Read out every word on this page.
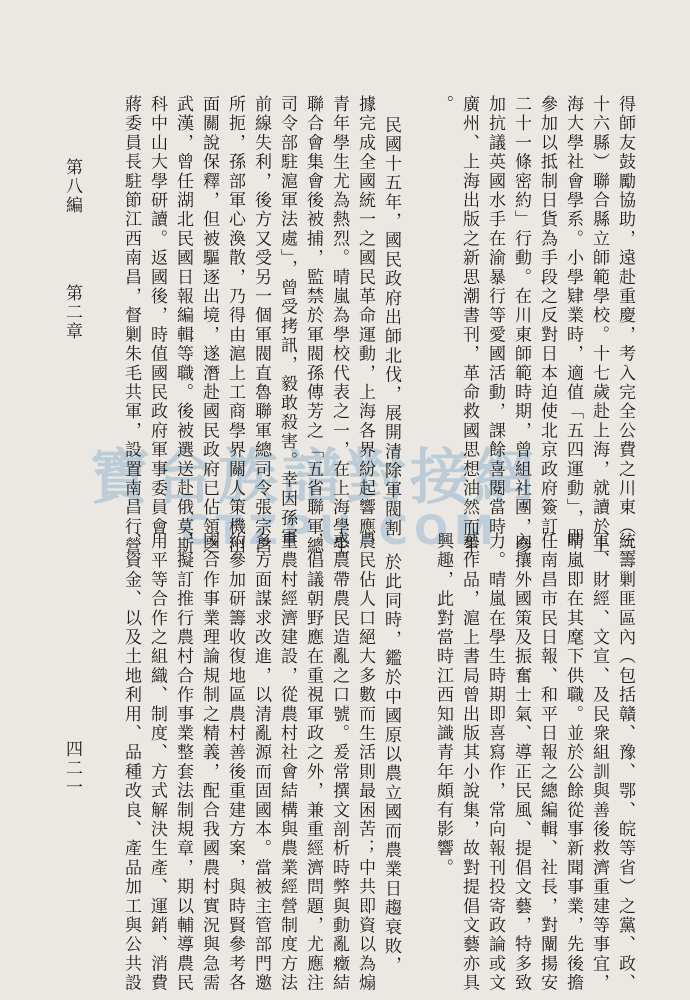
寶台族譜對接網
CTZPU.COM	得師友鼓勵協助，遠赴重慶，考入完全公費之川東（三
十六縣）聯合縣立師範學校。十七歲赴上海，就讀於上
海大學社會學系。小學肄業時，適值「五四運動」，即
參加以抵制日貨為手段之反對日本迫使北京政府簽訂
二十一條密約」行動。在川東師範時期，曾組社團，參
加抗議英國水手在渝暴行等愛國活動，課餘喜閱當時
廣州、上海出版之新思潮書刊，革命救國思想油然而生
。
民國十五年，國民政府出師北伐，展開清除軍閥割
據完成全國統一之國民革命運動，上海各界紛起響應，
青年學生尤為熱烈。晴嵐為學校代表之一，在上海學生
聯合會集會後被捕，監禁於軍閥孫傳芳之「五省聯軍總
司令部駐滬軍法處」，曾受拷訊，毅敢殺害。幸因孫軍
前線失利，後方又受另一個軍閥直魯聯軍總司令張宗昌
所扼，孫部軍心渙散，乃得由滬上工商學界關人策機出
面關說保釋，但被驅逐出境，遂潛赴國民政府已佔領之
武漢，曾任湖北民國日報編輯等職。後被選送赴俄莫斯
科中山大學研讀。返國後，時值國民政府軍事委員會
蔣委員長駐節江西南昌，督剿朱毛共軍，設置南昌行營
統籌剿匪區內（包括贛、豫、鄂、皖等省）之黨、政、
軍、財經、文宣、及民衆組訓與善後救濟重建等事宜，
晴嵐即在其麾下供職。並於公餘從事新聞事業，先後擔
任南昌市民日報、和平日報之總編輯、社長，對闡揚安
內攘外國策及振奮士氣、導正民風、提倡文藝，特多致
力。晴嵐在學生時期即喜寫作，常向報刊投寄政論或文
藝作品，滬上書局曾出版其小說集，故對提倡文藝亦具
興趣，此對當時江西知識青年頗有影響。
於此同時，鑑於中國原以農立國而農業日趨衰敗，
農民佔人口絕大多數而生活則最困苦；中共即資以為煽
惑農帶農民造亂之口號。爰常撰文剖析時弊與動亂癥結
，倡議朝野應在重視軍政之外，兼重經濟問題，尤應注
重農村經濟建設，從農村社會結構與農業經營制度方法
多方面謀求改進，以清亂源而固國本。當被主管部門邀
約參加研籌收復地區農村善後重建方案，與時賢參考各
國合作事業理論規制之精義，配合我國農村實況與急需
，擬訂推行農村合作事業整套法制規章，期以輔導農民
用平等合作之組織、制度、方式解決生產、運銷、消費
、資金、以及土地利用、品種改良、產品加工與公共設
第八編
第二章
四二一
